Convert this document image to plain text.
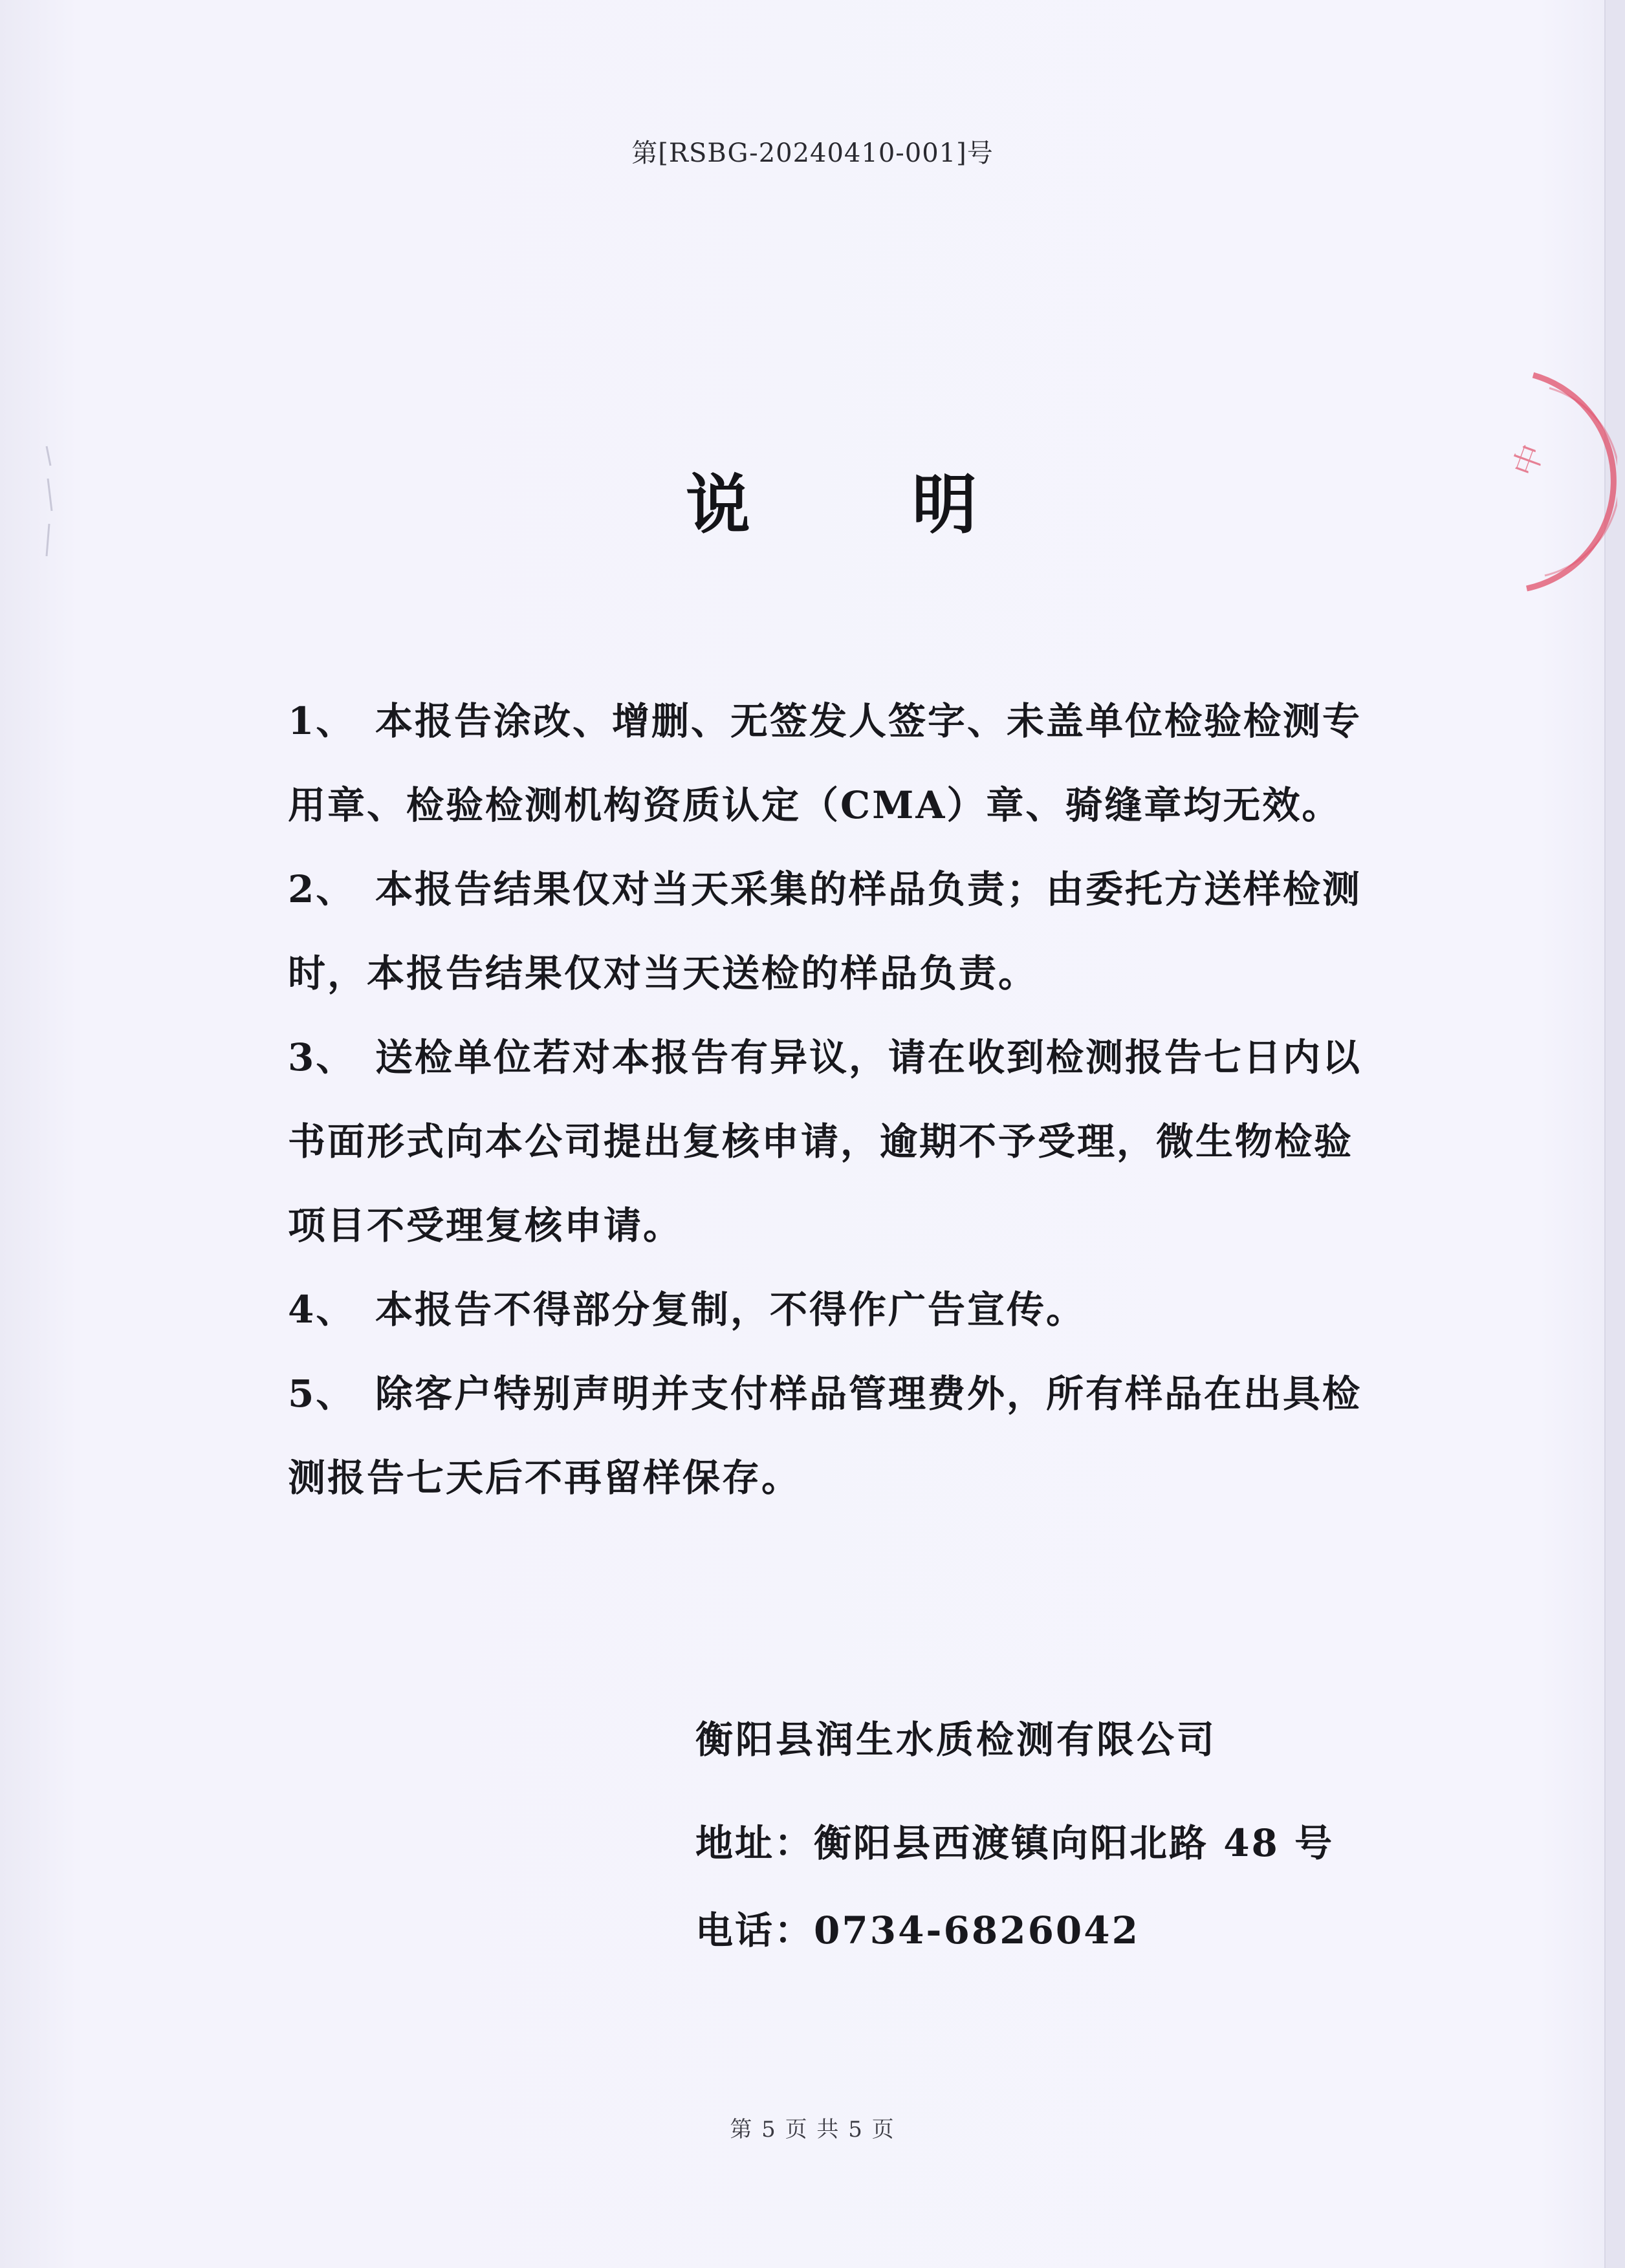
第[RSBG-20240410-001]号
说	明

1、 本报告涂改、增删、无签发人签字、未盖单位检验检测专用章、检验检测机构资质认定（CMA）章、骑缝章均无效。

2、 本报告结果仅对当天采集的样品负责；由委托方送样检测时，本报告结果仅对当天送检的样品负责。

3、 送检单位若对本报告有异议，请在收到检测报告七日内以书面形式向本公司提出复核申请，逾期不予受理，微生物检验项目不受理复核申请。

4、 本报告不得部分复制，不得作广告宣传。

5、 除客户特别声明并支付样品管理费外，所有样品在出具检测报告七天后不再留样保存。

衡阳县润生水质检测有限公司
地址：衡阳县西渡镇向阳北路 48 号
电话：0734-6826042
第 5 页 共 5 页
中
